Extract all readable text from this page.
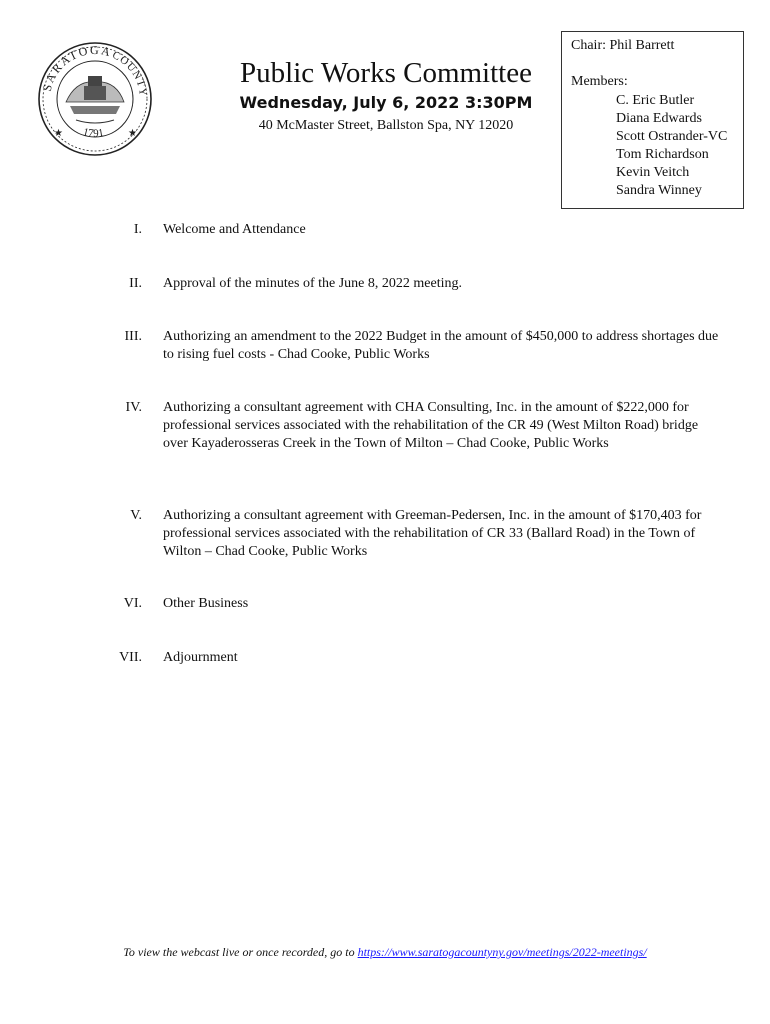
SARATOGA
COUNTY
1791
★	★
Public Works Committee
Wednesday, July 6, 2022 3:30PM
40 McMaster Street, Ballston Spa, NY 12020
Chair: Phil Barrett
Members:
C. Eric Butler
Diana Edwards
Scott Ostrander-VC
Tom Richardson
Kevin Veitch
Sandra Winney
I. Welcome and Attendance
II. Approval of the minutes of the June 8, 2022 meeting.
III. Authorizing an amendment to the 2022 Budget in the amount of $450,000 to address shortages due to rising fuel costs - Chad Cooke, Public Works
IV. Authorizing a consultant agreement with CHA Consulting, Inc. in the amount of $222,000 for professional services associated with the rehabilitation of the CR 49 (West Milton Road) bridge over Kayaderosseras Creek in the Town of Milton – Chad Cooke, Public Works
V. Authorizing a consultant agreement with Greeman-Pedersen, Inc. in the amount of $170,403 for professional services associated with the rehabilitation of CR 33 (Ballard Road) in the Town of Wilton – Chad Cooke, Public Works
VI. Other Business
VII. Adjournment
To view the webcast live or once recorded, go to https://www.saratogacountyny.gov/meetings/2022-meetings/
